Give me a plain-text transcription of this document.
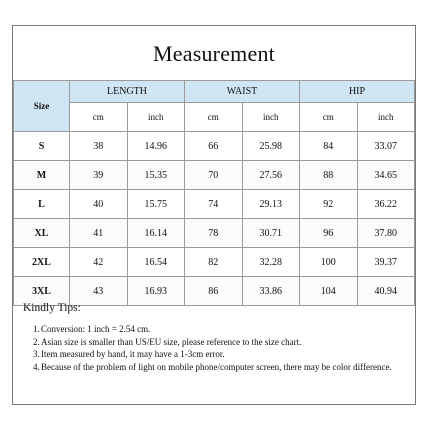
Measurement
Size	LENGTH		WAIST		HIP	
	cm	inch	cm	inch	cm	inch
S	38	14.96	66	25.98	84	33.07
M	39	15.35	70	27.56	88	34.65
L	40	15.75	74	29.13	92	36.22
XL	41	16.14	78	30.71	96	37.80
2XL	42	16.54	82	32.28	100	39.37
3XL	43	16.93	86	33.86	104	40.94
Kindly Tips:
1. Conversion: 1 inch = 2.54 cm.
2. Asian size is smaller than US/EU size, please reference to the size chart.
3. Item measured by hand, it may have a 1-3cm error.
4. Because of the problem of light on mobile phone/computer screen, there may be color difference.
